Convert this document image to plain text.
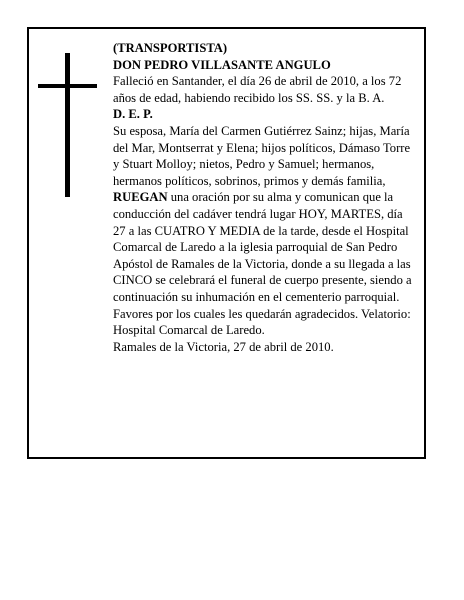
(TRANSPORTISTA)

DON PEDRO VILLASANTE ANGULO

Falleció en Santander, el día 26 de abril de 2010, a los 72 años de edad, habiendo recibido los SS. SS. y la B. A.

D. E. P.

Su esposa, María del Carmen Gutiérrez Sainz; hijas, María del Mar, Montserrat y Elena; hijos políticos, Dámaso Torre y Stuart Molloy; nietos, Pedro y Samuel; hermanos, hermanos políticos, sobrinos, primos y demás familia,

RUEGAN una oración por su alma y comunican que la conducción del cadáver tendrá lugar HOY, MARTES, día 27 a las CUATRO Y MEDIA de la tarde, desde el Hospital Comarcal de Laredo a la iglesia parroquial de San Pedro Apóstol de Ramales de la Victoria, donde a su llegada a las CINCO se celebrará el funeral de cuerpo presente, siendo a continuación su inhumación en el cementerio parroquial. Favores por los cuales les quedarán agradecidos. Velatorio: Hospital Comarcal de Laredo.

Ramales de la Victoria, 27 de abril de 2010.
